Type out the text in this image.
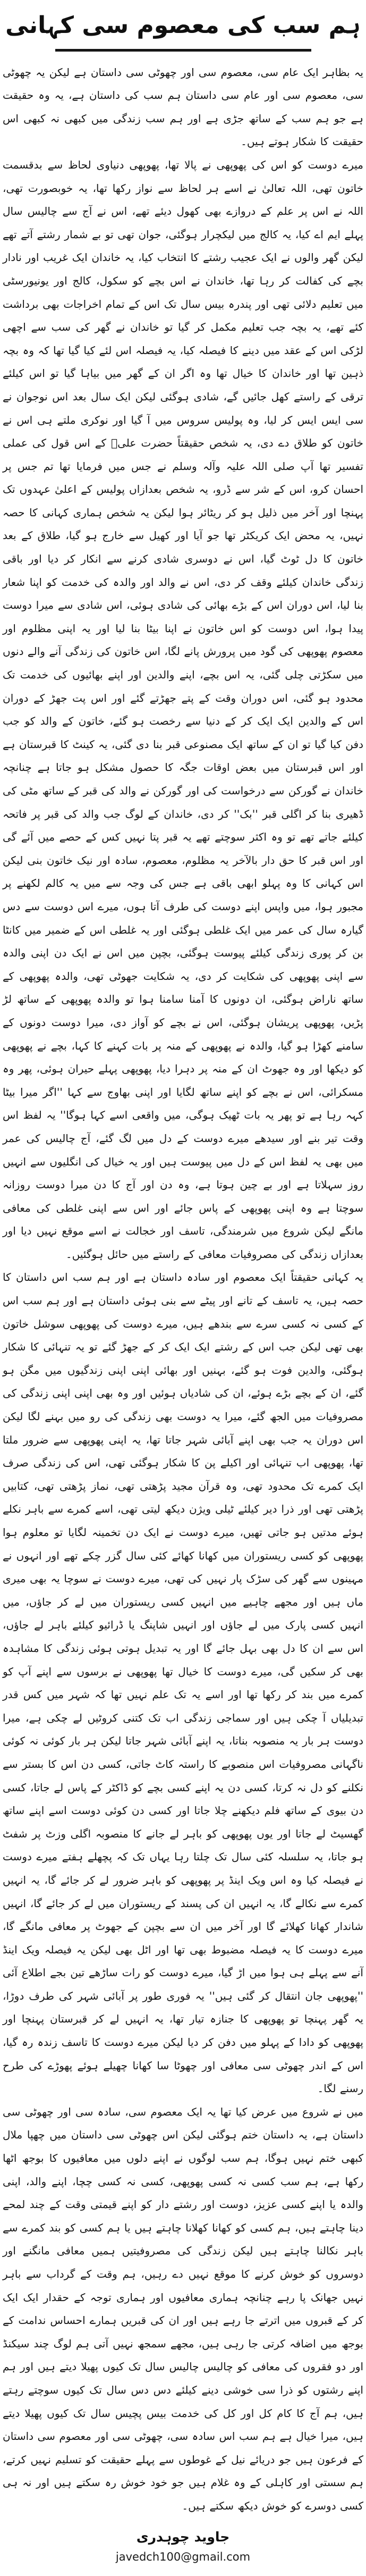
ہم سب کی معصوم سی کہانی

یہ بظاہر ایک عام سی، معصوم سی اور چھوٹی سی داستان ہے لیکن یہ چھوٹی سی، معصوم سی اور عام سی داستان ہم سب کی داستان ہے، یہ وہ حقیقت ہے جو ہم سب کے ساتھ جڑی ہے اور ہم سب زندگی میں کبھی نہ کبھی اس حقیقت کا شکار ہوتے ہیں۔

میرے دوست کو اس کی پھوپھی نے پالا تھا، پھوپھی دنیاوی لحاظ سے بدقسمت خاتون تھی، اللہ تعالیٰ نے اسے ہر لحاظ سے نواز رکھا تھا، یہ خوبصورت تھی، اللہ نے اس پر علم کے دروازے بھی کھول دیئے تھے، اس نے آج سے چالیس سال پہلے ایم اے کیا، یہ کالج میں لیکچرار ہوگئی، جوان تھی تو بے شمار رشتے آتے تھے لیکن گھر والوں نے ایک عجیب رشتے کا انتخاب کیا، یہ خاندان ایک غریب اور نادار بچے کی کفالت کر رہا تھا، خاندان نے اس بچے کو سکول، کالج اور یونیورسٹی میں تعلیم دلائی تھی اور پندرہ بیس سال تک اس کے تمام اخراجات بھی برداشت کئے تھے، یہ بچہ جب تعلیم مکمل کر گیا تو خاندان نے گھر کی سب سے اچھی لڑکی اس کے عقد میں دینے کا فیصلہ کیا، یہ فیصلہ اس لئے کیا گیا تھا کہ وہ بچہ ذہین تھا اور خاندان کا خیال تھا وہ اگر ان کے گھر میں بیاہا گیا تو اس کیلئے ترقی کے راستے کھل جائیں گے، شادی ہوگئی لیکن ایک سال بعد اس نوجوان نے سی ایس ایس کر لیا، وہ پولیس سروس میں آ گیا اور نوکری ملتے ہی اس نے خاتون کو طلاق دے دی، یہ شخص حقیقتاً حضرت علیؓ کے اس قول کی عملی تفسیر تھا آپ صلی اللہ علیہ وآلہ وسلم نے جس میں فرمایا تھا تم جس پر احسان کرو، اس کے شر سے ڈرو، یہ شخص بعدازاں پولیس کے اعلیٰ عہدوں تک پہنچا اور آخر میں ذلیل ہو کر ریٹائر ہوا لیکن یہ شخص ہماری کہانی کا حصہ نہیں، یہ محض ایک کریکٹر تھا جو آیا اور کھیل سے خارج ہو گیا، طلاق کے بعد خاتون کا دل ٹوٹ گیا، اس نے دوسری شادی کرنے سے انکار کر دیا اور باقی زندگی خاندان کیلئے وقف کر دی، اس نے والد اور والدہ کی خدمت کو اپنا شعار بنا لیا، اس دوران اس کے بڑے بھائی کی شادی ہوئی، اس شادی سے میرا دوست پیدا ہوا، اس دوست کو اس خاتون نے اپنا بیٹا بنا لیا اور یہ اپنی مظلوم اور معصوم پھوپھی کی گود میں پرورش پانے لگا، اس خاتون کی زندگی آنے والے دنوں میں سکڑتی چلی گئی، یہ اس بچے، اپنے والدین اور اپنے بھائیوں کی خدمت تک محدود ہو گئی، اس دوران وقت کے پتے جھڑتے گئے اور اس پت جھڑ کے دوران اس کے والدین ایک ایک کر کے دنیا سے رخصت ہو گئے، خاتون کے والد کو جب دفن کیا گیا تو ان کے ساتھ ایک مصنوعی قبر بنا دی گئی، یہ کینٹ کا قبرستان ہے اور اس قبرستان میں بعض اوقات جگہ کا حصول مشکل ہو جاتا ہے چنانچہ خاندان نے گورکن سے درخواست کی اور گورکن نے والد کی قبر کے ساتھ مٹی کی ڈھیری بنا کر اگلی قبر ''بک'' کر دی، خاندان کے لوگ جب والد کی قبر پر فاتحہ کیلئے جاتے تھے تو وہ اکثر سوچتے تھے یہ قبر پتا نہیں کس کے حصے میں آئے گی اور اس قبر کا حق دار بالآخر یہ مظلوم، معصوم، سادہ اور نیک خاتون بنی لیکن اس کہانی کا وہ پہلو ابھی باقی ہے جس کی وجہ سے میں یہ کالم لکھنے پر مجبور ہوا، میں واپس اپنے دوست کی طرف آتا ہوں، میرے اس دوست سے دس گیارہ سال کی عمر میں ایک غلطی ہوگئی اور یہ غلطی اس کے ضمیر میں کانٹا بن کر پوری زندگی کیلئے پیوست ہوگئی، بچپن میں اس نے ایک دن اپنی والدہ سے اپنی پھوپھی کی شکایت کر دی، یہ شکایت جھوٹی تھی، والدہ پھوپھی کے ساتھ ناراض ہوگئی، ان دونوں کا آمنا سامنا ہوا تو والدہ پھوپھی کے ساتھ لڑ پڑیں، پھوپھی پریشان ہوگئی، اس نے بچے کو آواز دی، میرا دوست دونوں کے سامنے کھڑا ہو گیا، والدہ نے پھوپھی کے منہ پر بات کہنے کا کہا، بچے نے پھوپھی کو دیکھا اور وہ جھوٹ ان کے منہ پر دہرا دیا، پھوپھی پہلے حیران ہوئی، پھر وہ مسکرائی، اس نے بچے کو اپنے ساتھ لگایا اور اپنی بھاوج سے کہا ''اگر میرا بیٹا کہہ رہا ہے تو پھر یہ بات ٹھیک ہوگی، میں واقعی اسے کہا ہوگا'' یہ لفظ اس وقت تیر بنے اور سیدھے میرے دوست کے دل میں لگ گئے، آج چالیس کی عمر میں بھی یہ لفظ اس کے دل میں پیوست ہیں اور یہ خیال کی انگلیوں سے انہیں روز سہلاتا ہے اور بے چین ہوتا ہے، وہ دن اور آج کا دن میرا دوست روزانہ سوچتا ہے وہ اپنی پھوپھی کے پاس جائے اور اس سے اپنی غلطی کی معافی مانگے لیکن شروع میں شرمندگی، تاسف اور خجالت نے اسے موقع نہیں دیا اور بعدازاں زندگی کی مصروفیات معافی کے راستے میں حائل ہوگئیں۔

یہ کہانی حقیقتاً ایک معصوم اور سادہ داستان ہے اور ہم سب اس داستان کا حصہ ہیں، یہ تاسف کے تانے اور پیٹے سے بنی ہوئی داستان ہے اور ہم سب اس کے کسی نہ کسی سرے سے بندھے ہیں، میرے دوست کی پھوپھی سوشل خاتون بھی تھی لیکن جب اس کے رشتے ایک ایک کر کے جھڑ گئے تو یہ تنہائی کا شکار ہوگئی، والدین فوت ہو گئے، بہنیں اور بھائی اپنی اپنی زندگیوں میں مگن ہو گئے، ان کے بچے بڑے ہوئے، ان کی شادیاں ہوئیں اور وہ بھی اپنی اپنی زندگی کی مصروفیات میں الجھ گئے، میرا یہ دوست بھی زندگی کی رو میں بہنے لگا لیکن اس دوران یہ جب بھی اپنے آبائی شہر جاتا تھا، یہ اپنی پھوپھی سے ضرور ملتا تھا، پھوپھی اب تنہائی اور اکیلے پن کا شکار ہوگئی تھی، اس کی زندگی صرف ایک کمرے تک محدود تھی، وہ قرآن مجید پڑھتی تھی، نماز پڑھتی تھی، کتابیں پڑھتی تھی اور ذرا دیر کیلئے ٹیلی ویژن دیکھ لیتی تھی، اسے کمرے سے باہر نکلے ہوئے مدتیں ہو جاتی تھیں، میرے دوست نے ایک دن تخمینہ لگایا تو معلوم ہوا پھوپھی کو کسی ریستوران میں کھانا کھائے کئی سال گزر چکے تھے اور انہوں نے مہینوں سے گھر کی سڑک پار نہیں کی تھی، میرے دوست نے سوچا یہ بھی میری ماں ہیں اور مجھے چاہیے میں انہیں کسی ریستوران میں لے کر جاؤں، میں انہیں کسی پارک میں لے جاؤں اور انہیں شاپنگ یا ڈرائیو کیلئے باہر لے جاؤں، اس سے ان کا دل بھی بہل جائے گا اور یہ تبدیل ہوتی ہوئی زندگی کا مشاہدہ بھی کر سکیں گی، میرے دوست کا خیال تھا پھوپھی نے برسوں سے اپنے آپ کو کمرے میں بند کر رکھا تھا اور اسے یہ تک علم نہیں تھا کہ شہر میں کس قدر تبدیلیاں آ چکی ہیں اور سماجی زندگی اب تک کتنی کروٹیں لے چکی ہے، میرا دوست ہر بار یہ منصوبہ بناتا، یہ اپنے آبائی شہر جاتا لیکن ہر بار کوئی نہ کوئی ناگہانی مصروفیات اس منصوبے کا راستہ کاٹ جاتی، کسی دن اس کا بستر سے نکلنے کو دل نہ کرتا، کسی دن یہ اپنے کسی بچے کو ڈاکٹر کے پاس لے جاتا، کسی دن بیوی کے ساتھ فلم دیکھنے چلا جاتا اور کسی دن کوئی دوست اسے اپنے ساتھ گھسیٹ لے جاتا اور یوں پھوپھی کو باہر لے جانے کا منصوبہ اگلی وزٹ پر شفٹ ہو جاتا، یہ سلسلہ کئی سال تک چلتا رہا یہاں تک کہ پچھلے ہفتے میرے دوست نے فیصلہ کیا وہ اس ویک اینڈ پر پھوپھی کو باہر ضرور لے کر جائے گا، یہ انہیں کمرے سے نکالے گا، یہ انہیں ان کی پسند کے ریستوران میں لے کر جائے گا، انہیں شاندار کھانا کھلائے گا اور آخر میں ان سے بچپن کے جھوٹ پر معافی مانگے گا، میرے دوست کا یہ فیصلہ مضبوط بھی تھا اور اٹل بھی لیکن یہ فیصلہ ویک اینڈ آنے سے پہلے ہی ہوا میں اڑ گیا، میرے دوست کو رات ساڑھے تین بجے اطلاع آئی ''پھوپھی جان انتقال کر گئی ہیں'' یہ فوری طور پر آبائی شہر کی طرف دوڑا، یہ گھر پہنچا تو پھوپھی کا جنازہ تیار تھا، یہ انہیں لے کر قبرستان پہنچا اور پھوپھی کو دادا کے پہلو میں دفن کر دیا لیکن میرے دوست کا تاسف زندہ رہ گیا، اس کے اندر چھوٹی سی معافی اور چھوٹا سا کھانا چھیلے ہوئے پھوڑے کی طرح رسنے لگا۔

میں نے شروع میں عرض کیا تھا یہ ایک معصوم سی، سادہ سی اور چھوٹی سی داستان ہے، یہ داستان ختم ہوگئی لیکن اس چھوٹی سی داستان میں چھپا ملال کبھی ختم نہیں ہوگا، ہم سب لوگوں نے اپنے دلوں میں معافیوں کا بوجھ اٹھا رکھا ہے، ہم سب کسی نہ کسی پھوپھی، کسی نہ کسی چچا، اپنے والد، اپنی والدہ یا اپنے کسی عزیز، دوست اور رشتے دار کو اپنے قیمتی وقت کے چند لمحے دینا چاہتے ہیں، ہم کسی کو کھانا کھلانا چاہتے ہیں یا ہم کسی کو بند کمرے سے باہر نکالنا چاہتے ہیں لیکن زندگی کی مصروفیتیں ہمیں معافی مانگنے اور دوسروں کو خوش کرنے کا موقع نہیں دے رہیں، ہم وقت کے گرداب سے باہر نہیں جھانک پا رہے چنانچہ ہماری معافیوں اور ہماری توجہ کے حقدار ایک ایک کر کے قبروں میں اترتے جا رہے ہیں اور ان کی قبریں ہمارے احساس ندامت کے بوجھ میں اضافہ کرتی جا رہی ہیں، مجھے سمجھ نہیں آتی ہم لوگ چند سیکنڈ اور دو فقروں کی معافی کو چالیس چالیس سال تک کیوں پھیلا دیتے ہیں اور ہم اپنے رشتوں کو ذرا سی خوشی دینے کیلئے دس دس سال تک کیوں سوچتے رہتے ہیں، ہم آج کا کام کل اور کل کی خدمت بیس پچیس سال تک کیوں پھیلا دیتے ہیں، میرا خیال ہے ہم سب اس سادہ سی، چھوٹی سی اور معصوم سی داستان کے فرعون ہیں جو دریائے نیل کے غوطوں سے پہلے حقیقت کو تسلیم نہیں کرتے، ہم سستی اور کاہلی کے وہ غلام ہیں جو خود خوش رہ سکتے ہیں اور نہ ہی کسی دوسرے کو خوش دیکھ سکتے ہیں۔

جاوید چوہدری
javedch100@gmail.com
